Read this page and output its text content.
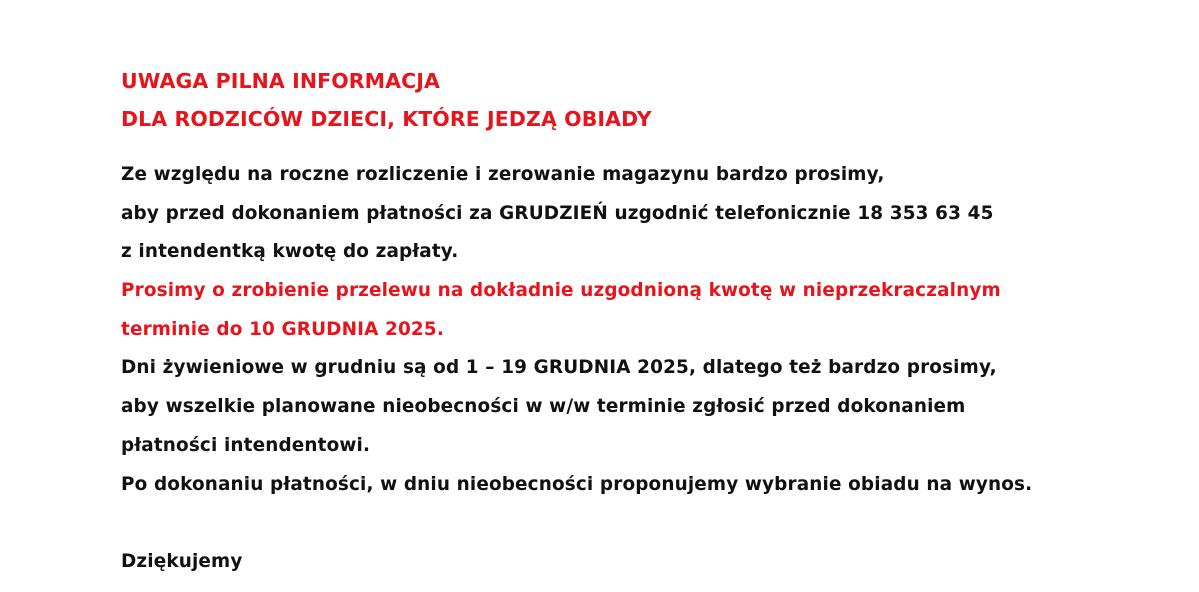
UWAGA PILNA INFORMACJA
DLA RODZICÓW DZIECI, KTÓRE JEDZĄ OBIADY
Ze względu na roczne rozliczenie i zerowanie magazynu bardzo prosimy,
aby przed dokonaniem płatności za GRUDZIEŃ uzgodnić telefonicznie 18 353 63 45
z intendentką kwotę do zapłaty.
Prosimy o zrobienie przelewu na dokładnie uzgodnioną kwotę w nieprzekraczalnym
terminie do 10 GRUDNIA 2025.
Dni żywieniowe w grudniu są od 1 – 19 GRUDNIA 2025, dlatego też bardzo prosimy,
aby wszelkie planowane nieobecności w w/w terminie zgłosić przed dokonaniem
płatności intendentowi.
Po dokonaniu płatności, w dniu nieobecności proponujemy wybranie obiadu na wynos.
Dziękujemy
